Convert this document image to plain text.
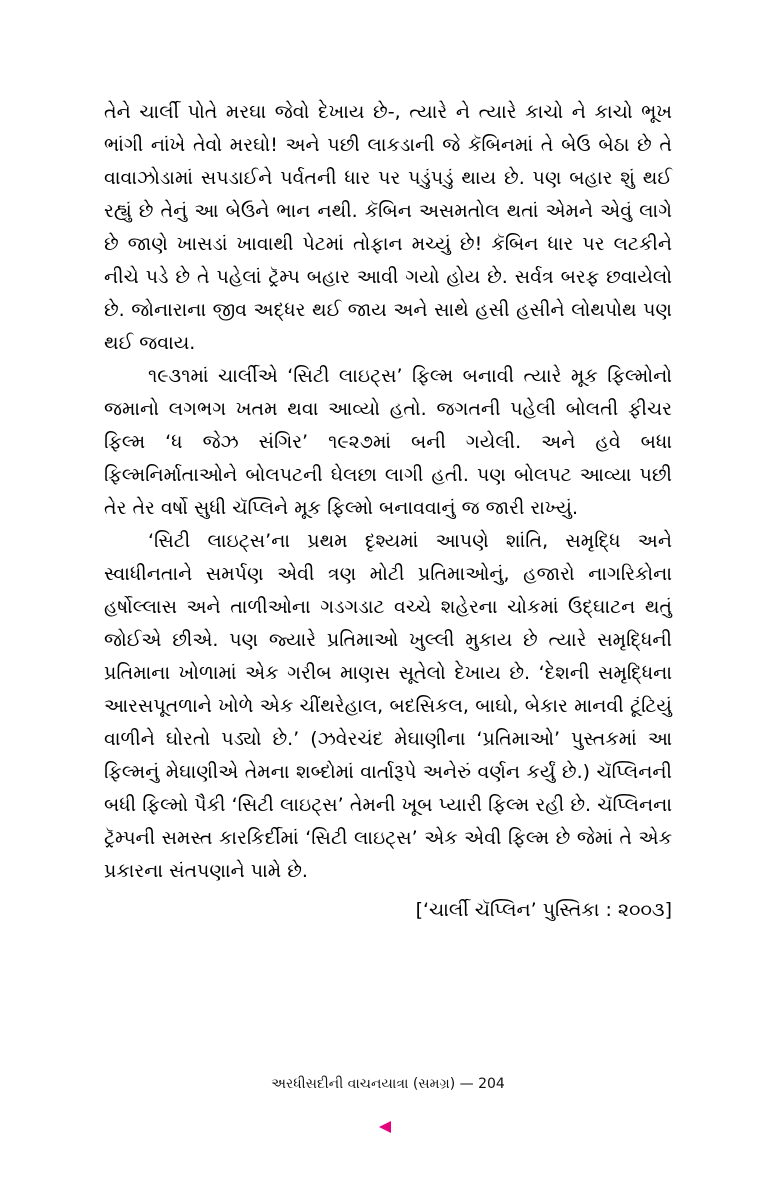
તેને ચાર્લી પોતે મરઘા જેવો દેખાય છે-, ત્યારે ને ત્યારે કાચો ને કાચો ભૂખ ભાંગી નાંખે તેવો મરઘો! અને પછી લાકડાની જે કૅબિનમાં તે બેઉ બેઠા છે તે વાવાઝોડામાં સપડાઈને પર્વતની ધાર પર પડુંપડું થાય છે. પણ બહાર શું થઈ રહ્યું છે તેનું આ બેઉને ભાન નથી. કૅબિન અસમતોલ થતાં એમને એવું લાગે છે જાણે ખાસડાં ખાવાથી પેટમાં તોફાન મચ્યું છે! કૅબિન ધાર પર લટકીને નીચે પડે છે તે પહેલાં ટ્રૅમ્પ બહાર આવી ગયો હોય છે. સર્વત્ર બરફ છવાયેલો છે. જોનારાના જીવ અદ્ધર થઈ જાય અને સાથે હસી હસીને લોથપોથ પણ થઈ જવાય.

૧૯૩૧માં ચાર્લીએ ‘સિટી લાઇટ્સ’ ફિલ્મ બનાવી ત્યારે મૂક ફિલ્મોનો જમાનો લગભગ ખતમ થવા આવ્યો હતો. જગતની પહેલી બોલતી ફીચર ફિલ્મ ‘ધ જેઝ સંગિર’ ૧૯૨૭માં બની ગયેલી. અને હવે બધા ફિલ્મનિર્માતાઓને બોલપટની ઘેલછા લાગી હતી. પણ બોલપટ આવ્યા પછી તેર તેર વર્ષો સુધી ચૅપ્લિને મૂક ફિલ્મો બનાવવાનું જ જારી રાખ્યું.

‘સિટી લાઇટ્સ’ના પ્રથમ દૃશ્યમાં આપણે શાંતિ, સમૃદ્ધિ અને સ્વાધીનતાને સમર્પણ એવી ત્રણ મોટી પ્રતિમાઓનું, હજારો નાગરિકોના હર્ષોલ્લાસ અને તાળીઓના ગડગડાટ વચ્ચે શહેરના ચોકમાં ઉદ્‌ઘાટન થતું જોઈએ છીએ. પણ જ્યારે પ્રતિમાઓ ખુલ્લી મુકાય છે ત્યારે સમૃદ્ધિની પ્રતિમાના ખોળામાં એક ગરીબ માણસ સૂતેલો દેખાય છે. ‘દેશની સમૃદ્ધિના આરસપૂતળાને ખોળે એક ચીંથરેહાલ, બદસિકલ, બાઘો, બેકાર માનવી ટૂંટિયું વાળીને ઘોરતો પડ્યો છે.’ (ઝવેરચંદ મેઘાણીના ‘પ્રતિમાઓ’ પુસ્તકમાં આ ફિલ્મનું મેઘાણીએ તેમના શબ્દોમાં વાર્તારૂપે અનેરું વર્ણન કર્યું છે.) ચૅપ્લિનની બધી ફિલ્મો પૈકી ‘સિટી લાઇટ્સ’ તેમની ખૂબ પ્યારી ફિલ્મ રહી છે. ચૅપ્લિનના ટ્રૅમ્પની સમસ્ત કારકિર્દીમાં ‘સિટી લાઇટ્સ’ એક એવી ફિલ્મ છે જેમાં તે એક પ્રકારના સંતપણાને પામે છે.

[‘ચાર્લી ચૅપ્લિન’ પુસ્તિકા : ૨૦૦૩]

અરધીસદીની વાચનયાત્રા (સમગ્ર) — 204
